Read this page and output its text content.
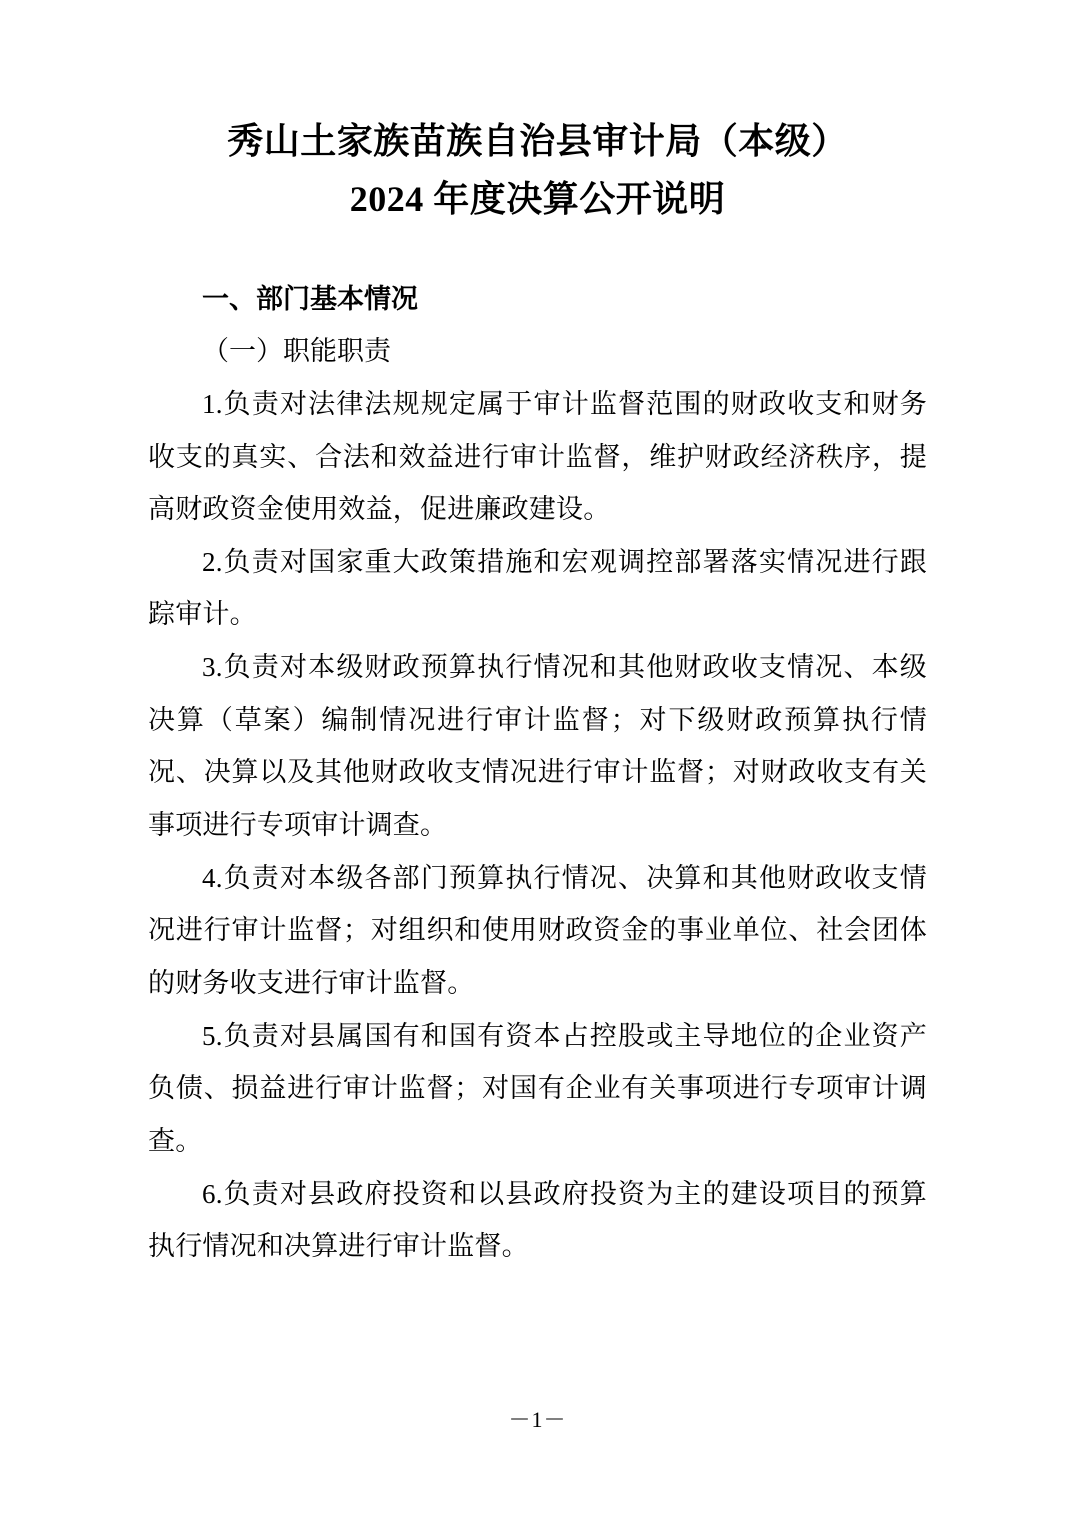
秀山土家族苗族自治县审计局（本级）
2024 年度决算公开说明
一、部门基本情况

（一）职能职责

1.负责对法律法规规定属于审计监督范围的财政收支和财务收支的真实、合法和效益进行审计监督，维护财政经济秩序，提高财政资金使用效益，促进廉政建设。

2.负责对国家重大政策措施和宏观调控部署落实情况进行跟踪审计。

3.负责对本级财政预算执行情况和其他财政收支情况、本级决算（草案）编制情况进行审计监督；对下级财政预算执行情况、决算以及其他财政收支情况进行审计监督；对财政收支有关事项进行专项审计调查。

4.负责对本级各部门预算执行情况、决算和其他财政收支情况进行审计监督；对组织和使用财政资金的事业单位、社会团体的财务收支进行审计监督。

5.负责对县属国有和国有资本占控股或主导地位的企业资产负债、损益进行审计监督；对国有企业有关事项进行专项审计调查。

6.负责对县政府投资和以县政府投资为主的建设项目的预算执行情况和决算进行审计监督。

－1－
